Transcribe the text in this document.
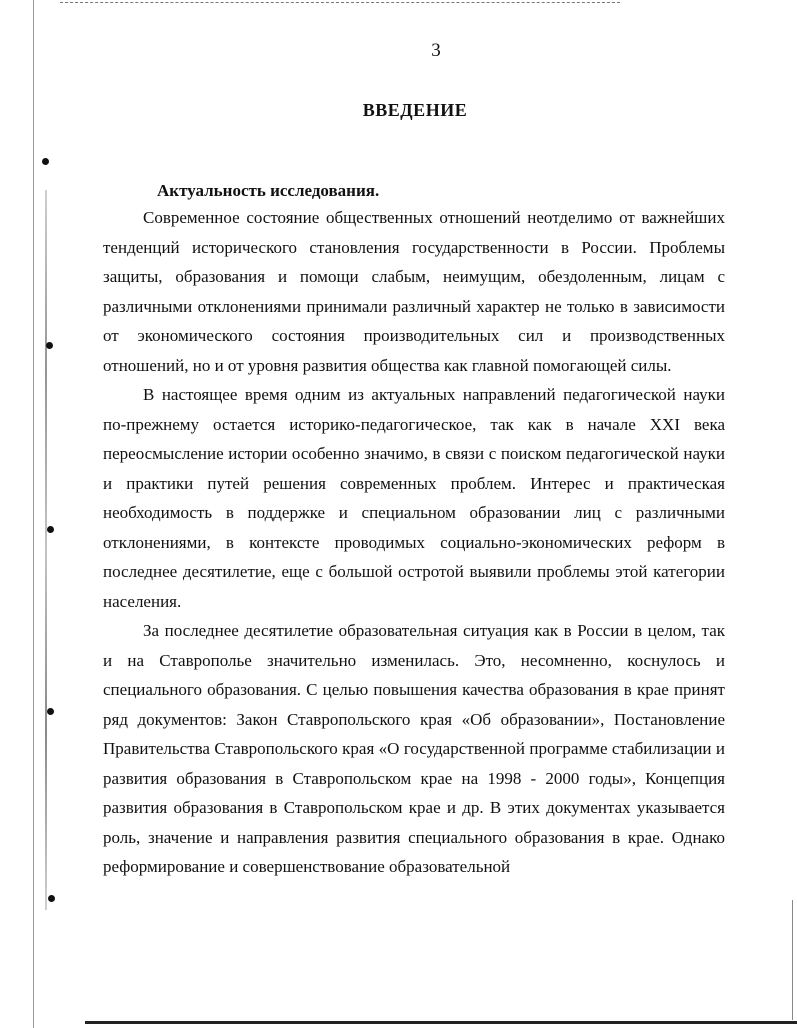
3
ВВЕДЕНИЕ
Актуальность исследования.

Современное состояние общественных отношений неотделимо от важнейших тенденций исторического становления государственности в России. Проблемы защиты, образования и помощи слабым, неимущим, обездоленным, лицам с различными отклонениями принимали различный характер не только в зависимости от экономического состояния производительных сил и производственных отношений, но и от уровня развития общества как главной помогающей силы.

В настоящее время одним из актуальных направлений педагогической науки по-прежнему остается историко-педагогическое, так как в начале XXI века переосмысление истории особенно значимо, в связи с поиском педагогической науки и практики путей решения современных проблем. Интерес и практическая необходимость в поддержке и специальном образовании лиц с различными отклонениями, в контексте проводимых социально-экономических реформ в последнее десятилетие, еще с большой остротой выявили проблемы этой категории населения.

За последнее десятилетие образовательная ситуация как в России в целом, так и на Ставрополье значительно изменилась. Это, несомненно, коснулось и специального образования. С целью повышения качества образования в крае принят ряд документов: Закон Ставропольского края «Об образовании», Постановление Правительства Ставропольского края «О государственной программе стабилизации и развития образования в Ставропольском крае на 1998 - 2000 годы», Концепция развития образования в Ставропольском крае и др. В этих документах указывается роль, значение и направления развития специального образования в крае. Однако реформирование и совершенствование образовательной
